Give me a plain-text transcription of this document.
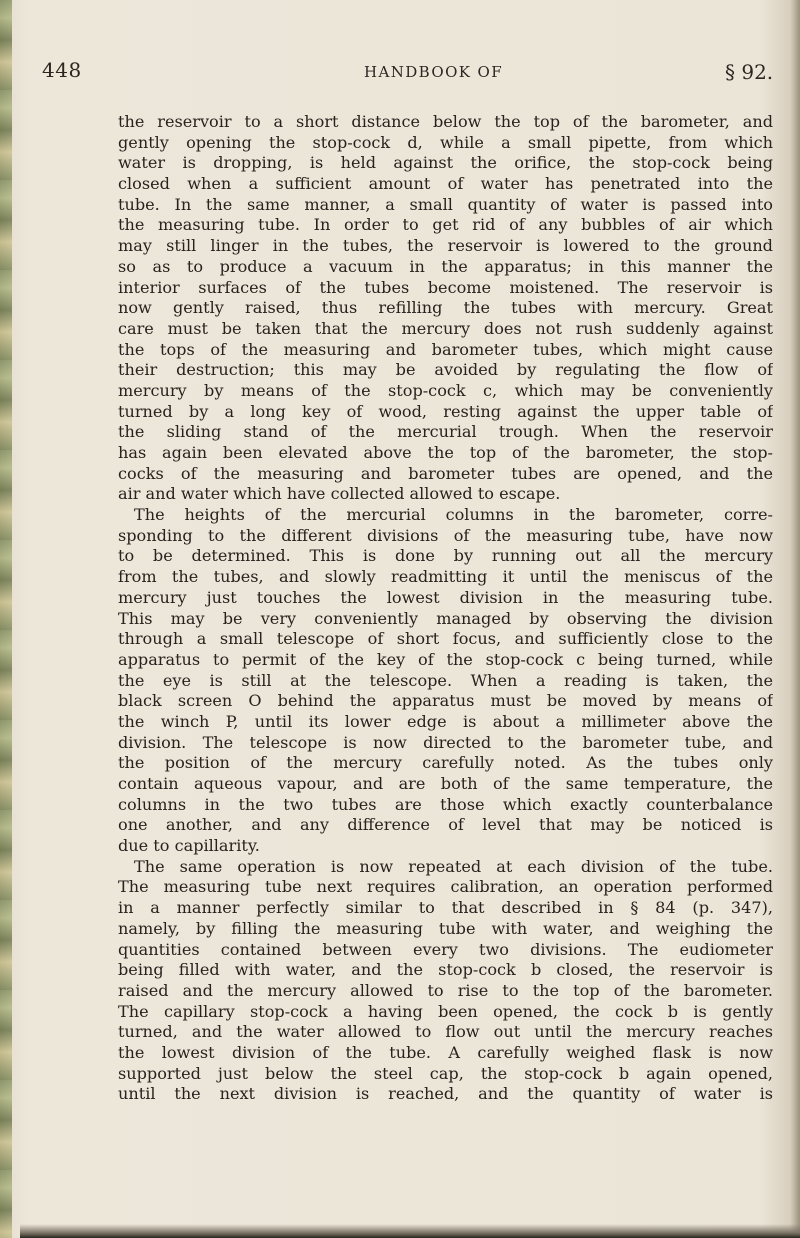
448	HANDBOOK OF	§ 92.
the reservoir to a short distance below the top of the barometer, and
gently opening the stop-cock d, while a small pipette, from which
water is dropping, is held against the orifice, the stop-cock being
closed when a sufficient amount of water has penetrated into the
tube. In the same manner, a small quantity of water is passed into
the measuring tube. In order to get rid of any bubbles of air which
may still linger in the tubes, the reservoir is lowered to the ground
so as to produce a vacuum in the apparatus; in this manner the
interior surfaces of the tubes become moistened. The reservoir is
now gently raised, thus refilling the tubes with mercury. Great
care must be taken that the mercury does not rush suddenly against
the tops of the measuring and barometer tubes, which might cause
their destruction; this may be avoided by regulating the flow of
mercury by means of the stop-cock c, which may be conveniently
turned by a long key of wood, resting against the upper table of
the sliding stand of the mercurial trough. When the reservoir
has again been elevated above the top of the barometer, the stop-
cocks of the measuring and barometer tubes are opened, and the
air and water which have collected allowed to escape.
The heights of the mercurial columns in the barometer, corre-
sponding to the different divisions of the measuring tube, have now
to be determined. This is done by running out all the mercury
from the tubes, and slowly readmitting it until the meniscus of the
mercury just touches the lowest division in the measuring tube.
This may be very conveniently managed by observing the division
through a small telescope of short focus, and sufficiently close to the
apparatus to permit of the key of the stop-cock c being turned, while
the eye is still at the telescope. When a reading is taken, the
black screen O behind the apparatus must be moved by means of
the winch P, until its lower edge is about a millimeter above the
division. The telescope is now directed to the barometer tube, and
the position of the mercury carefully noted. As the tubes only
contain aqueous vapour, and are both of the same temperature, the
columns in the two tubes are those which exactly counterbalance
one another, and any difference of level that may be noticed is
due to capillarity.
The same operation is now repeated at each division of the tube.
The measuring tube next requires calibration, an operation performed
in a manner perfectly similar to that described in § 84 (p. 347),
namely, by filling the measuring tube with water, and weighing the
quantities contained between every two divisions. The eudiometer
being filled with water, and the stop-cock b closed, the reservoir is
raised and the mercury allowed to rise to the top of the barometer.
The capillary stop-cock a having been opened, the cock b is gently
turned, and the water allowed to flow out until the mercury reaches
the lowest division of the tube. A carefully weighed flask is now
supported just below the steel cap, the stop-cock b again opened,
until the next division is reached, and the quantity of water is
